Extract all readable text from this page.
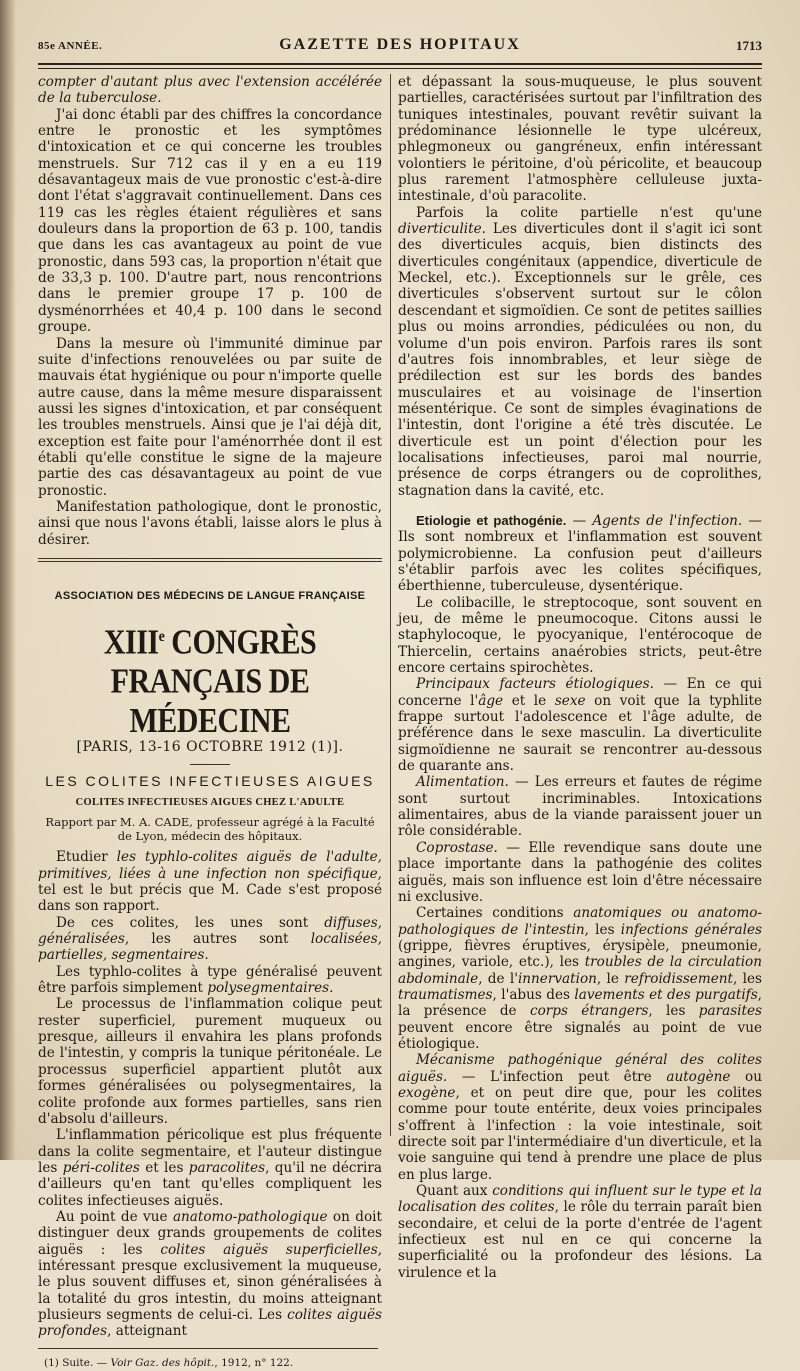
85e ANNÉE.	GAZETTE DES HOPITAUX	1713

compter d'autant plus avec l'extension accélérée de la tuberculose.

J'ai donc établi par des chiffres la concordance entre le pronostic et les symptômes d'intoxication et ce qui concerne les troubles menstruels. Sur 712 cas il y en a eu 119 désavantageux mais de vue pronostic c'est-à-dire dont l'état s'aggravait continuellement. Dans ces 119 cas les règles étaient régulières et sans douleurs dans la proportion de 63 p. 100, tandis que dans les cas avantageux au point de vue pronostic, dans 593 cas, la proportion n'était que de 33,3 p. 100. D'autre part, nous rencontrions dans le premier groupe 17 p. 100 de dysménorrhées et 40,4 p. 100 dans le second groupe.

Dans la mesure où l'immunité diminue par suite d'infections renouvelées ou par suite de mauvais état hygiénique ou pour n'importe quelle autre cause, dans la même mesure disparaissent aussi les signes d'intoxication, et par conséquent les troubles menstruels. Ainsi que je l'ai déjà dit, exception est faite pour l'aménorrhée dont il est établi qu'elle constitue le signe de la majeure partie des cas désavantageux au point de vue pronostic.

Manifestation pathologique, dont le pronostic, ainsi que nous l'avons établi, laisse alors le plus à désirer.

ASSOCIATION DES MÉDECINS DE LANGUE FRANÇAISE
XIIIe CONGRÈS FRANÇAIS DE MÉDECINE
[PARIS, 13-16 OCTOBRE 1912 (1)].
LES COLITES INFECTIEUSES AIGUES
COLITES INFECTIEUSES AIGUES CHEZ L'ADULTE
Rapport par M. A. CADE, professeur agrégé à la Faculté de Lyon, médecin des hôpitaux.

Etudier les typhlo-colites aiguës de l'adulte, primitives, liées à une infection non spécifique, tel est le but précis que M. Cade s'est proposé dans son rapport.

De ces colites, les unes sont diffuses, généralisées, les autres sont localisées, partielles, segmentaires.

Les typhlo-colites à type généralisé peuvent être parfois simplement polysegmentaires.

Le processus de l'inflammation colique peut rester superficiel, purement muqueux ou presque, ailleurs il envahira les plans profonds de l'intestin, y compris la tunique péritonéale. Le processus superficiel appartient plutôt aux formes généralisées ou polysegmentaires, la colite profonde aux formes partielles, sans rien d'absolu d'ailleurs.

L'inflammation péricolique est plus fréquente dans la colite segmentaire, et l'auteur distingue les péri-colites et les paracolites, qu'il ne décrira d'ailleurs qu'en tant qu'elles compliquent les colites infectieuses aiguës.

Au point de vue anatomo-pathologique on doit distinguer deux grands groupements de colites aiguës : les colites aiguës superficielles, intéressant presque exclusivement la muqueuse, le plus souvent diffuses et, sinon généralisées à la totalité du gros intestin, du moins atteignant plusieurs segments de celui-ci. Les colites aiguës profondes, atteignant

(1) Suite. — Voir Gaz. des hôpit., 1912, n° 122.

et dépassant la sous-muqueuse, le plus souvent partielles, caractérisées surtout par l'infiltration des tuniques intestinales, pouvant revêtir suivant la prédominance lésionnelle le type ulcéreux, phlegmoneux ou gangréneux, enfin intéressant volontiers le péritoine, d'où péricolite, et beaucoup plus rarement l'atmosphère celluleuse juxta-intestinale, d'où paracolite.

Parfois la colite partielle n'est qu'une diverticulite. Les diverticules dont il s'agit ici sont des diverticules acquis, bien distincts des diverticules congénitaux (appendice, diverticule de Meckel, etc.). Exceptionnels sur le grêle, ces diverticules s'observent surtout sur le côlon descendant et sigmoïdien. Ce sont de petites saillies plus ou moins arrondies, pédiculées ou non, du volume d'un pois environ. Parfois rares ils sont d'autres fois innombrables, et leur siège de prédilection est sur les bords des bandes musculaires et au voisinage de l'insertion mésentérique. Ce sont de simples évaginations de l'intestin, dont l'origine a été très discutée. Le diverticule est un point d'élection pour les localisations infectieuses, paroi mal nourrie, présence de corps étrangers ou de coprolithes, stagnation dans la cavité, etc.

Etiologie et pathogénie. — Agents de l'infection. — Ils sont nombreux et l'inflammation est souvent polymicrobienne. La confusion peut d'ailleurs s'établir parfois avec les colites spécifiques, éberthienne, tuberculeuse, dysentérique.

Le colibacille, le streptocoque, sont souvent en jeu, de même le pneumocoque. Citons aussi le staphylocoque, le pyocyanique, l'entérocoque de Thiercelin, certains anaérobies stricts, peut-être encore certains spirochètes.

Principaux facteurs étiologiques. — En ce qui concerne l'âge et le sexe on voit que la typhlite frappe surtout l'adolescence et l'âge adulte, de préférence dans le sexe masculin. La diverticulite sigmoïdienne ne saurait se rencontrer au-dessous de quarante ans.

Alimentation. — Les erreurs et fautes de régime sont surtout incriminables. Intoxications alimentaires, abus de la viande paraissent jouer un rôle considérable.

Coprostase. — Elle revendique sans doute une place importante dans la pathogénie des colites aiguës, mais son influence est loin d'être nécessaire ni exclusive.

Certaines conditions anatomiques ou anatomo-pathologiques de l'intestin, les infections générales (grippe, fièvres éruptives, érysipèle, pneumonie, angines, variole, etc.), les troubles de la circulation abdominale, de l'innervation, le refroidissement, les traumatismes, l'abus des lavements et des purgatifs, la présence de corps étrangers, les parasites peuvent encore être signalés au point de vue étiologique.

Mécanisme pathogénique général des colites aiguës. — L'infection peut être autogène ou exogène, et on peut dire que, pour les colites comme pour toute entérite, deux voies principales s'offrent à l'infection : la voie intestinale, soit directe soit par l'intermédiaire d'un diverticule, et la voie sanguine qui tend à prendre une place de plus en plus large.

Quant aux conditions qui influent sur le type et la localisation des colites, le rôle du terrain paraît bien secondaire, et celui de la porte d'entrée de l'agent infectieux est nul en ce qui concerne la superficialité ou la profondeur des lésions. La virulence et la
